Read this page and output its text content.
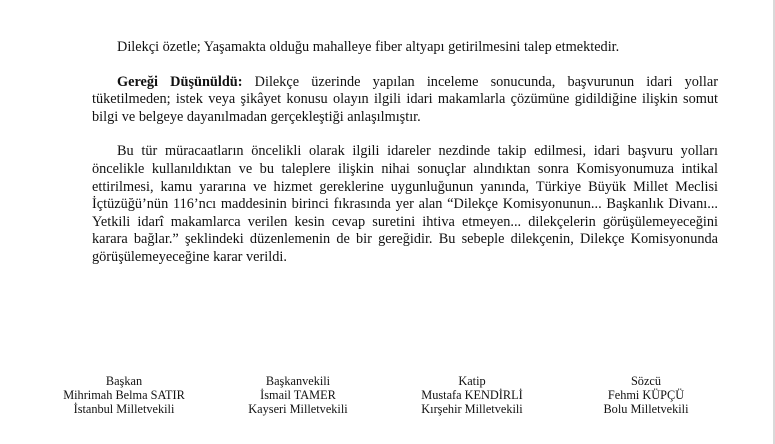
Dilekçi özetle; Yaşamakta olduğu mahalleye fiber altyapı getirilmesini talep etmektedir.

Gereği Düşünüldü: Dilekçe üzerinde yapılan inceleme sonucunda, başvurunun idari yollar tüketilmeden; istek veya şikâyet konusu olayın ilgili idari makamlarla çözümüne gidildiğine ilişkin somut bilgi ve belgeye dayanılmadan gerçekleştiği anlaşılmıştır.

Bu tür müracaatların öncelikli olarak ilgili idareler nezdinde takip edilmesi, idari başvuru yolları öncelikle kullanıldıktan ve bu taleplere ilişkin nihai sonuçlar alındıktan sonra Komisyonumuza intikal ettirilmesi, kamu yararına ve hizmet gereklerine uygunluğunun yanında, Türkiye Büyük Millet Meclisi İçtüzüğü’nün 116’ncı maddesinin birinci fıkrasında yer alan “Dilekçe Komisyonunun... Başkanlık Divanı... Yetkili idarî makamlarca verilen kesin cevap suretini ihtiva etmeyen... dilekçelerin görüşülemeyeceğini karara bağlar.” şeklindeki düzenlemenin de bir gereğidir. Bu sebeple dilekçenin, Dilekçe Komisyonunda görüşülemeyeceğine karar verildi.

Başkan
Mihrimah Belma SATIR
İstanbul Milletvekili
Başkanvekili
İsmail TAMER
Kayseri Milletvekili
Katip
Mustafa KENDİRLİ
Kırşehir Milletvekili
Sözcü
Fehmi KÜPÇÜ
Bolu Milletvekili
